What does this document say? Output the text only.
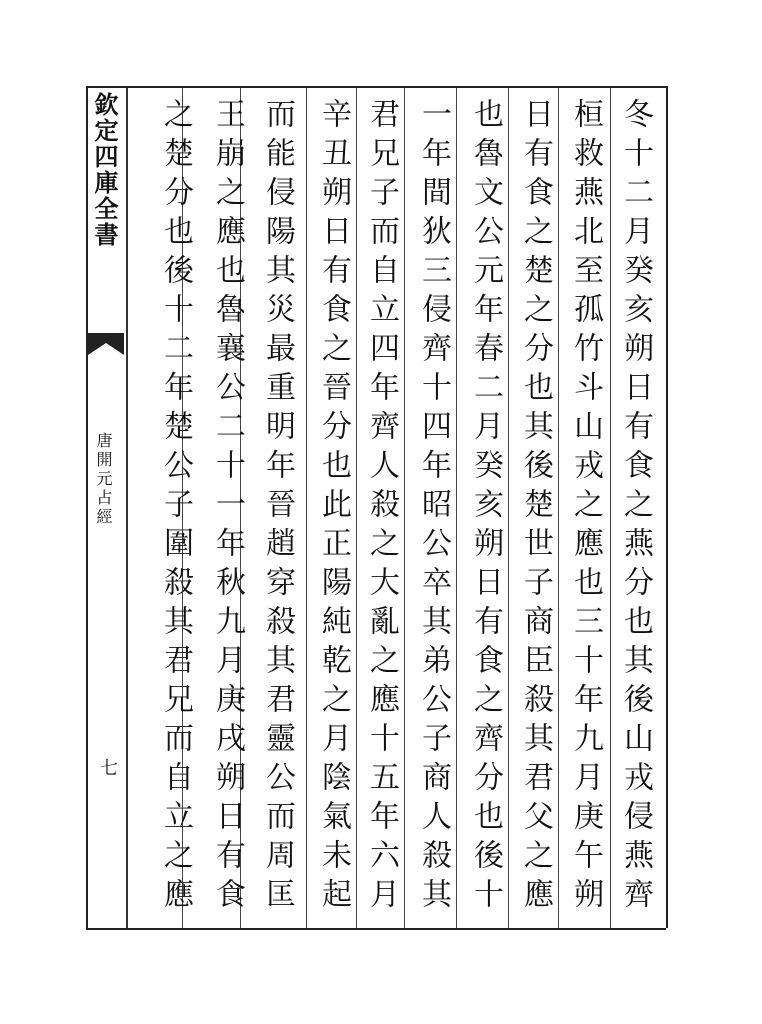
欽定四庫全書
唐開元占經
七	冬十二月癸亥朔日有食之燕分也其後山戎侵燕齊
桓救燕北至孤竹斗山戎之應也三十年九月庚午朔
日有食之楚之分也其後楚世子商臣殺其君父之應
也魯文公元年春二月癸亥朔日有食之齊分也後十
一年間狄三侵齊十四年昭公卒其弟公子商人殺其
君兄子而自立四年齊人殺之大亂之應十五年六月
辛丑朔日有食之晉分也此正陽純乾之月陰氣未起
而能侵陽其災最重明年晉趙穿殺其君靈公而周匡
王崩之應也魯襄公二十一年秋九月庚戌朔日有食
之楚分也後十二年楚公子圍殺其君兄而自立之應
